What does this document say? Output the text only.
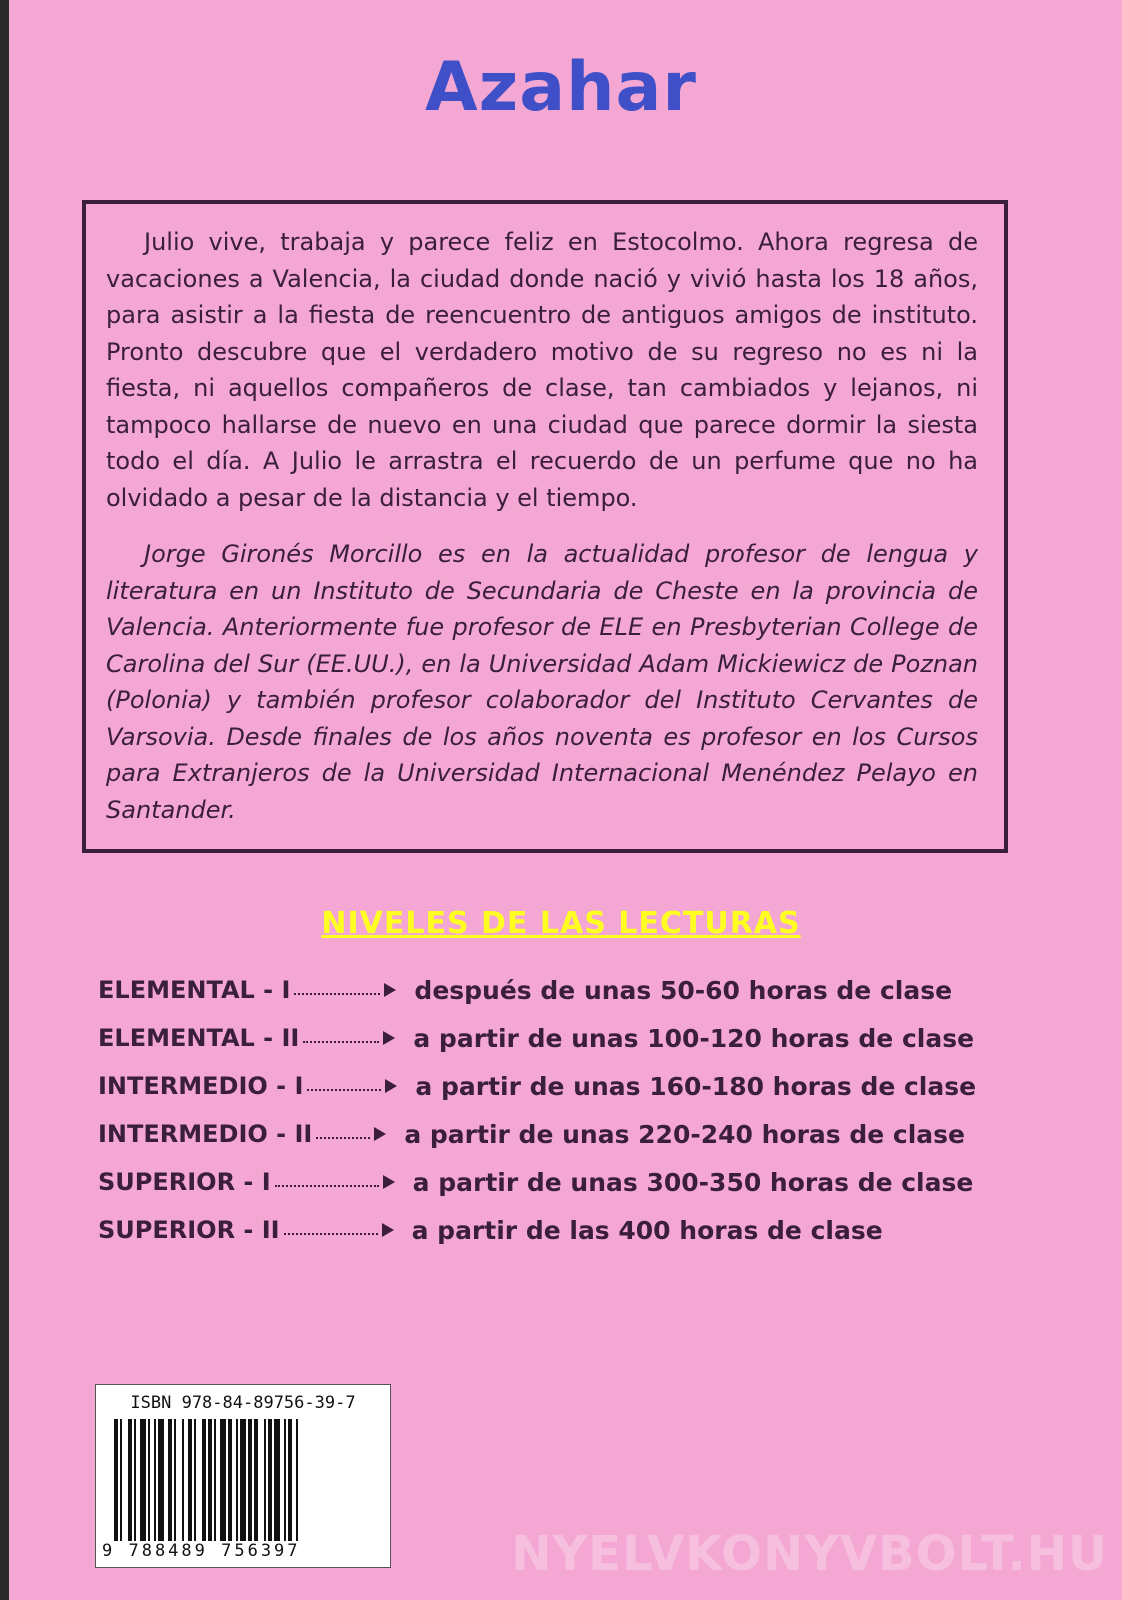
Azahar

Julio vive, trabaja y parece feliz en Estocolmo. Ahora regresa de vacaciones a Valencia, la ciudad donde nació y vivió hasta los 18 años, para asistir a la fiesta de reencuentro de antiguos amigos de instituto. Pronto descubre que el verdadero motivo de su regreso no es ni la fiesta, ni aquellos compañeros de clase, tan cambiados y lejanos, ni tampoco hallarse de nuevo en una ciudad que parece dormir la siesta todo el día. A Julio le arrastra el recuerdo de un perfume que no ha olvidado a pesar de la distancia y el tiempo.

Jorge Gironés Morcillo es en la actualidad profesor de lengua y literatura en un Instituto de Secundaria de Cheste en la provincia de Valencia. Anteriormente fue profesor de ELE en Presbyterian College de Carolina del Sur (EE.UU.), en la Universidad Adam Mickiewicz de Poznan (Polonia) y también profesor colaborador del Instituto Cervantes de Varsovia. Desde finales de los años noventa es profesor en los Cursos para Extranjeros de la Universidad Internacional Menéndez Pelayo en Santander.

NIVELES DE LAS LECTURAS
ELEMENTAL - I	después de unas 50-60 horas de clase
ELEMENTAL - II	a partir de unas 100-120 horas de clase
INTERMEDIO - I	a partir de unas 160-180 horas de clase
INTERMEDIO - II	a partir de unas 220-240 horas de clase
SUPERIOR - I	a partir de unas 300-350 horas de clase
SUPERIOR - II	a partir de las 400 horas de clase
ISBN 978-84-89756-39-7
9 788489 756397	NYELVKONYVBOLT.HU
